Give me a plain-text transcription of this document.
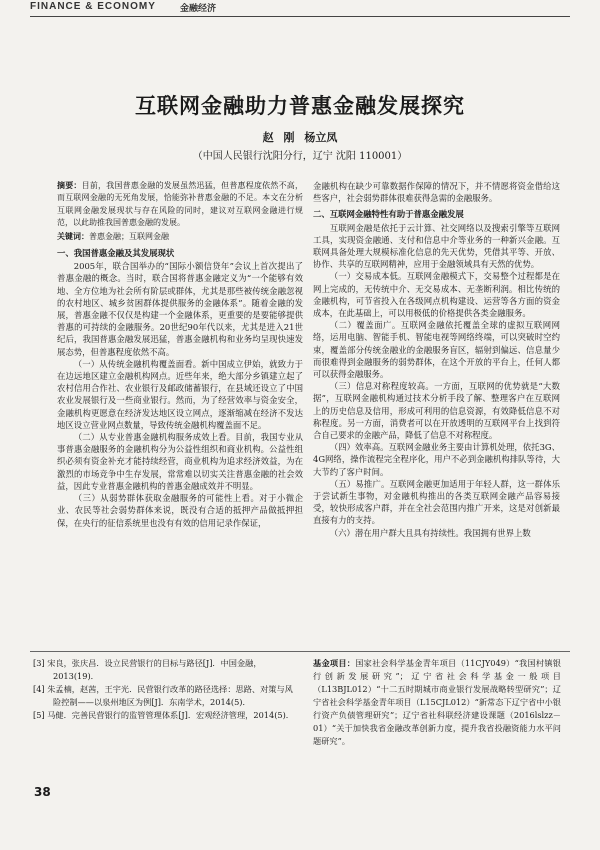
FINANCE & ECONOMY	金融经济
互联网金融助力普惠金融发展探究
赵 刚 杨立凤
（中国人民银行沈阳分行，辽宁 沈阳 110001）

摘要：目前，我国普惠金融的发展虽然迅猛，但普惠程度依然不高，而互联网金融的无死角发展，恰能弥补普惠金融的不足。本文在分析互联网金融发展现状与存在风险的同时，建议对互联网金融进行规范，以此助推我国普惠金融的发展。

关键词：普惠金融；互联网金融

一、我国普惠金融及其发展现状

2005年，联合国举办的“国际小额信贷年”会议上首次提出了普惠金融的概念。当时，联合国将普惠金融定义为“一个能够有效地、全方位地为社会所有阶层或群体，尤其是那些被传统金融忽视的农村地区、城乡贫困群体提供服务的金融体系”。随着金融的发展，普惠金融不仅仅是构建一个金融体系，更重要的是要能够提供普惠的可持续的金融服务。20世纪90年代以来，尤其是进入21世纪后，我国普惠金融发展迅猛，普惠金融机构和业务均呈现快速发展态势，但普惠程度依然不高。

（一）从传统金融机构覆盖面看。新中国成立伊始，就致力于在边远地区建立金融机构网点。近些年来，绝大部分乡镇建立起了农村信用合作社、农业银行及邮政储蓄银行，在县域还设立了中国农业发展银行及一些商业银行。然而，为了经营效率与资金安全，金融机构更愿意在经济发达地区设立网点，逐渐缩减在经济不发达地区设立营业网点数量，导致传统金融机构覆盖面不足。

（二）从专业普惠金融机构服务成效上看。目前，我国专业从事普惠金融服务的金融机构分为公益性组织和商业机构。公益性组织必须有资金补充才能持续经营，商业机构为追求经济效益，为在激烈的市场竞争中生存发展，常常难以切实关注普惠金融的社会效益，因此专业普惠金融机构的普惠金融成效并不明显。

（三）从弱势群体获取金融服务的可能性上看。对于小微企业、农民等社会弱势群体来说，既没有合适的抵押产品做抵押担保，在央行的征信系统里也没有有效的信用记录作保证，

金融机构在缺少可靠数据作保障的情况下，并不情愿将资金借给这些客户，社会弱势群体很难获得急需的金融服务。

二、互联网金融特性有助于普惠金融发展

互联网金融是依托于云计算、社交网络以及搜索引擎等互联网工具，实现资金融通、支付和信息中介等业务的一种新兴金融。互联网具备处理大规模标准化信息的先天优势，凭借其平等、开放、协作、共享的互联网精神，应用于金融领域具有天然的优势。

（一）交易成本低。互联网金融模式下，交易整个过程都是在网上完成的，无传统中介、无交易成本、无垄断利润。相比传统的金融机构，可节省投入在各级网点机构建设、运营等各方面的资金成本，在此基础上，可以用极低的价格提供各类金融服务。

（二）覆盖面广。互联网金融依托覆盖全球的虚拟互联网网络，运用电脑、智能手机、智能电视等网络终端，可以突破时空约束，覆盖部分传统金融业的金融服务盲区，辐射到偏远、信息量少而很难得到金融服务的弱势群体，在这个开放的平台上，任何人都可以获得金融服务。

（三）信息对称程度较高。一方面，互联网的优势就是“大数据”，互联网金融机构通过技术分析手段了解、整理客户在互联网上的历史信息及信用，形成可利用的信息资源，有效降低信息不对称程度。另一方面，消费者可以在开放透明的互联网平台上找到符合自己要求的金融产品，降低了信息不对称程度。

（四）效率高。互联网金融业务主要由计算机处理，依托3G、4G网络，操作流程完全程序化，用户不必到金融机构排队等待，大大节约了客户时间。

（五）易推广。互联网金融更加适用于年轻人群，这一群体乐于尝试新生事物，对金融机构推出的各类互联网金融产品容易接受，较快形成客户群，并在全社会范围内推广开来，这是对创新最直接有力的支持。

（六）潜在用户群大且具有持续性。我国拥有世界上数

[3] 宋良，张庆昌．设立民营银行的目标与路径[J]．中国金融，2013(19)．

[4] 朱孟楠，赵茜，王宇光．民营银行改革的路径选择：思路、对策与风险控制——以泉州地区为例[J]．东南学术，2014(5)．

[5] 马健．完善民营银行的监管管理体系[J]．宏观经济管理，2014(5)．

基金项目：国家社会科学基金青年项目（11CJY049）“我国村镇银行创新发展研究”；辽宁省社会科学基金一般项目（L13BJL012）“十二五时期城市商业银行发展战略转型研究”；辽宁省社会科学基金青年项目（L15CJL012）“新常态下辽宁省中小银行资产负债管理研究”；辽宁省社科联经济建设课题（2016lslzz－01）“关于加快我省金融改革创新力度，提升我省投融资能力水平问题研究”。
38
